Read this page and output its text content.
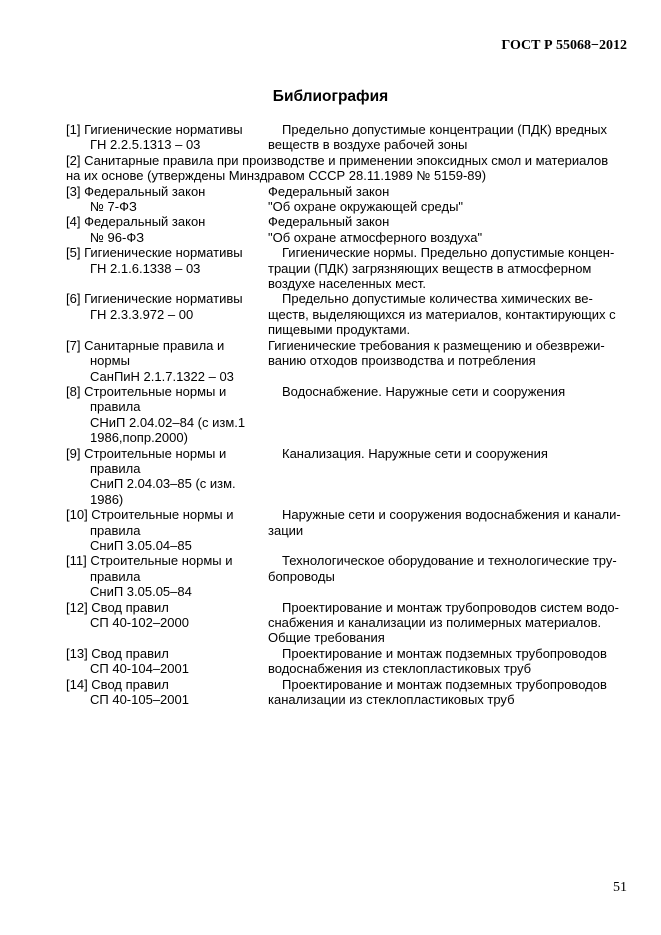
ГОСТ Р 55068−2012
Библиография
[1] Гигиенические нормативы
ГН 2.2.5.1313 – 03
Предельно допустимые концентрации (ПДК) вредных
веществ в воздухе рабочей зоны
[2] Санитарные правила при производстве и применении эпоксидных смол и материалов
на их основе (утверждены Минздравом СССР 28.11.1989 № 5159-89)
[3] Федеральный закон
№ 7-ФЗ
Федеральный закон
"Об охране окружающей среды"
[4] Федеральный закон
№ 96-ФЗ
Федеральный закон
"Об охране атмосферного воздуха"
[5] Гигиенические нормативы
ГН 2.1.6.1338 – 03
Гигиенические нормы. Предельно допустимые концен-
трации (ПДК) загрязняющих веществ в атмосферном
воздухе населенных мест.
[6] Гигиенические нормативы
ГН 2.3.3.972 – 00
Предельно допустимые количества химических ве-
ществ, выделяющихся из материалов, контактирующих с
пищевыми продуктами.
[7] Санитарные правила и
нормы
СанПиН 2.1.7.1322 – 03
Гигиенические требования к размещению и обезврежи-
ванию отходов производства и потребления
[8] Строительные нормы и
правила
СНиП 2.04.02–84 (с изм.1
1986,попр.2000)
Водоснабжение. Наружные сети и сооружения
[9] Строительные нормы и
правила
СниП 2.04.03–85 (с изм.
1986)
Канализация. Наружные сети и сооружения
[10] Строительные нормы и
правила
СниП 3.05.04–85
Наружные сети и сооружения водоснабжения и канали-
зации
[11] Строительные нормы и
правила
СниП 3.05.05–84
Технологическое оборудование и технологические тру-
бопроводы
[12] Свод правил
СП 40-102–2000
Проектирование и монтаж трубопроводов систем водо-
снабжения и канализации из полимерных материалов.
Общие требования
[13] Свод правил
СП 40-104–2001
Проектирование и монтаж подземных трубопроводов
водоснабжения из стеклопластиковых труб
[14] Свод правил
СП 40-105–2001
Проектирование и монтаж подземных трубопроводов
канализации из стеклопластиковых труб
51
